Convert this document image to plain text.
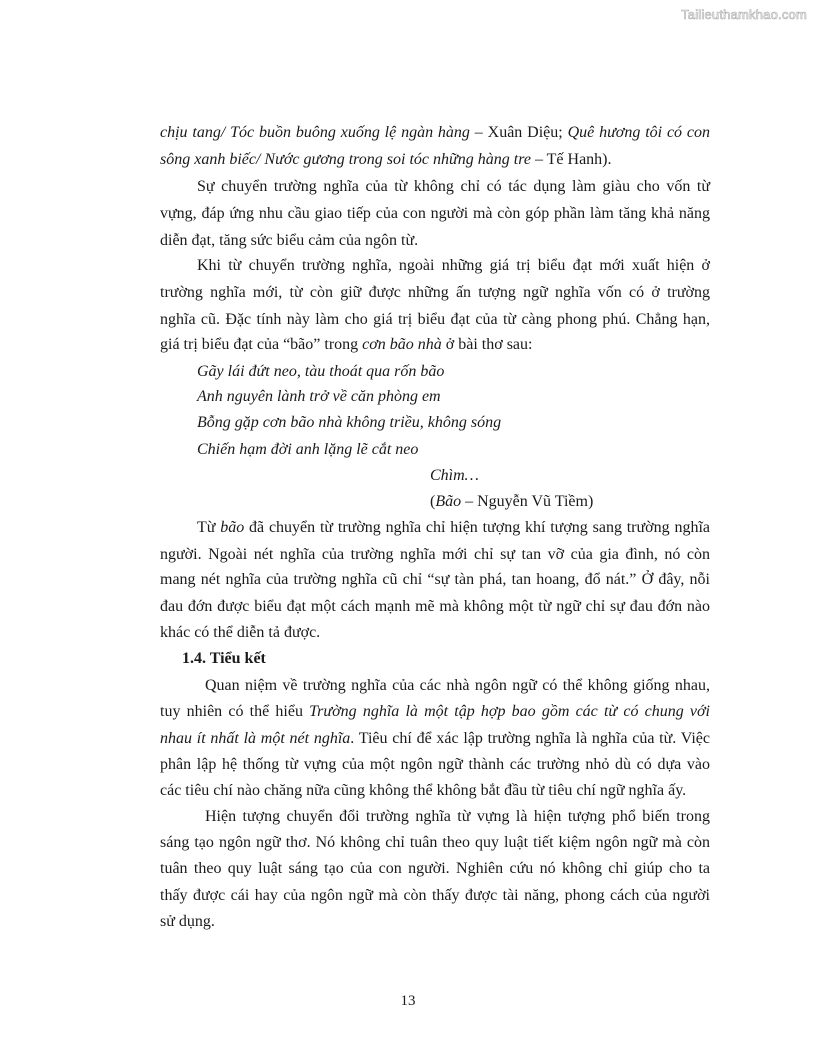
Tailieuthamkhao.com
chịu tang/ Tóc buồn buông xuống lệ ngàn hàng – Xuân Diệu; Quê hương tôi có con
sông xanh biếc/ Nước gương trong soi tóc những hàng tre – Tế Hanh).
Sự chuyển trường nghĩa của từ không chỉ có tác dụng làm giàu cho vốn từ
vựng, đáp ứng nhu cầu giao tiếp của con người mà còn góp phần làm tăng khả năng
diễn đạt, tăng sức biểu cảm của ngôn từ.
Khi từ chuyển trường nghĩa, ngoài những giá trị biểu đạt mới xuất hiện ở
trường nghĩa mới, từ còn giữ được những ấn tượng ngữ nghĩa vốn có ở trường
nghĩa cũ. Đặc tính này làm cho giá trị biểu đạt của từ càng phong phú. Chẳng hạn,
giá trị biểu đạt của “bão” trong cơn bão nhà ở bài thơ sau:
Gãy lái đứt neo, tàu thoát qua rốn bão
Anh nguyên lành trở về căn phòng em
Bỗng gặp cơn bão nhà không triều, không sóng
Chiến hạm đời anh lặng lẽ cắt neo
Chìm…
(Bão – Nguyễn Vũ Tiềm)
Từ bão đã chuyển từ trường nghĩa chỉ hiện tượng khí tượng sang trường nghĩa
người. Ngoài nét nghĩa của trường nghĩa mới chỉ sự tan vỡ của gia đình, nó còn
mang nét nghĩa của trường nghĩa cũ chỉ “sự tàn phá, tan hoang, đổ nát.” Ở đây, nỗi
đau đớn được biểu đạt một cách mạnh mẽ mà không một từ ngữ chỉ sự đau đớn nào
khác có thể diễn tả được.
1.4. Tiểu kết
Quan niệm về trường nghĩa của các nhà ngôn ngữ có thể không giống nhau,
tuy nhiên có thể hiểu Trường nghĩa là một tập hợp bao gồm các từ có chung với
nhau ít nhất là một nét nghĩa. Tiêu chí để xác lập trường nghĩa là nghĩa của từ. Việc
phân lập hệ thống từ vựng của một ngôn ngữ thành các trường nhỏ dù có dựa vào
các tiêu chí nào chăng nữa cũng không thể không bắt đầu từ tiêu chí ngữ nghĩa ấy.
Hiện tượng chuyển đổi trường nghĩa từ vựng là hiện tượng phổ biến trong
sáng tạo ngôn ngữ thơ. Nó không chỉ tuân theo quy luật tiết kiệm ngôn ngữ mà còn
tuân theo quy luật sáng tạo của con người. Nghiên cứu nó không chỉ giúp cho ta
thấy được cái hay của ngôn ngữ mà còn thấy được tài năng, phong cách của người
sử dụng.
13
